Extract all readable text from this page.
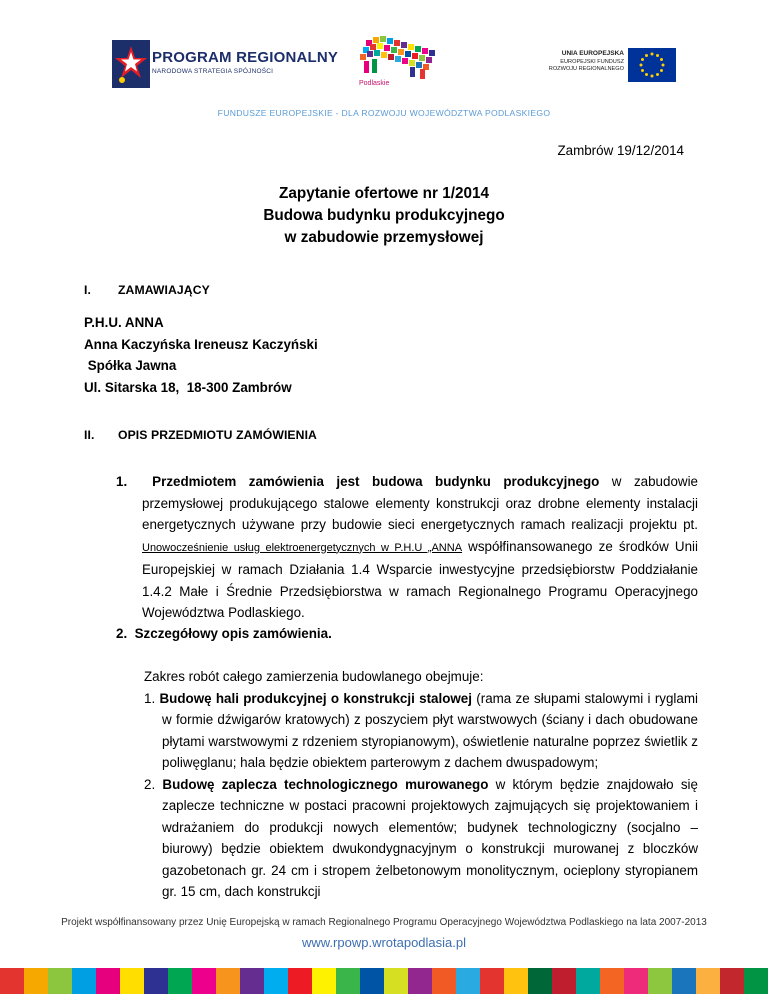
PROGRAM REGIONALNY
NARODOWA STRATEGIA SPÓJNOŚCI
Podlaskie
UNIA EUROPEJSKA
EUROPEJSKI FUNDUSZ
ROZWOJU REGIONALNEGO
FUNDUSZE EUROPEJSKIE - DLA ROZWOJU WOJEWÓDZTWA PODLASKIEGO
Zambrów 19/12/2014
Zapytanie ofertowe nr 1/2014
Budowa budynku produkcyjnego
w zabudowie przemysłowej
I. ZAMAWIAJĄCY
P.H.U. ANNA
Anna Kaczyńska Ireneusz Kaczyński
Spółka Jawna
Ul. Sitarska 18,  18-300 Zambrów
II. OPIS PRZEDMIOTU ZAMÓWIENIA
1. Przedmiotem zamówienia jest budowa budynku produkcyjnego w zabudowie przemysłowej produkującego stalowe elementy konstrukcji oraz drobne elementy instalacji energetycznych używane przy budowie sieci energetycznych ramach realizacji projektu pt. Unowocześnienie usług elektroenergetycznych w P.H.U „ANNA współfinansowanego ze środków Unii Europejskiej w ramach Działania 1.4 Wsparcie inwestycyjne przedsiębiorstw Poddziałanie 1.4.2 Małe i Średnie Przedsiębiorstwa w ramach Regionalnego Programu Operacyjnego Województwa Podlaskiego.
2. Szczegółowy opis zamówienia.
Zakres robót całego zamierzenia budowlanego obejmuje:
1. Budowę hali produkcyjnej o konstrukcji stalowej (rama ze słupami stalowymi i ryglami w formie dźwigarów kratowych) z poszyciem płyt warstwowych (ściany i dach obudowane płytami warstwowymi z rdzeniem styropianowym), oświetlenie naturalne poprzez świetlik z poliwęglanu; hala będzie obiektem parterowym z dachem dwuspadowym;
2. Budowę zaplecza technologicznego murowanego w którym będzie znajdowało się zaplecze techniczne w postaci pracowni projektowych zajmujących się projektowaniem i wdrażaniem do produkcji nowych elementów; budynek technologiczny (socjalno – biurowy) będzie obiektem dwukondygnacyjnym o konstrukcji murowanej z bloczków gazobetonach gr. 24 cm i stropem żelbetonowym monolitycznym, ocieplony styropianem gr. 15 cm, dach konstrukcji
Projekt współfinansowany przez Unię Europejską w ramach Regionalnego Programu Operacyjnego Województwa Podlaskiego na lata 2007-2013
www.rpowp.wrotapodlasia.pl
